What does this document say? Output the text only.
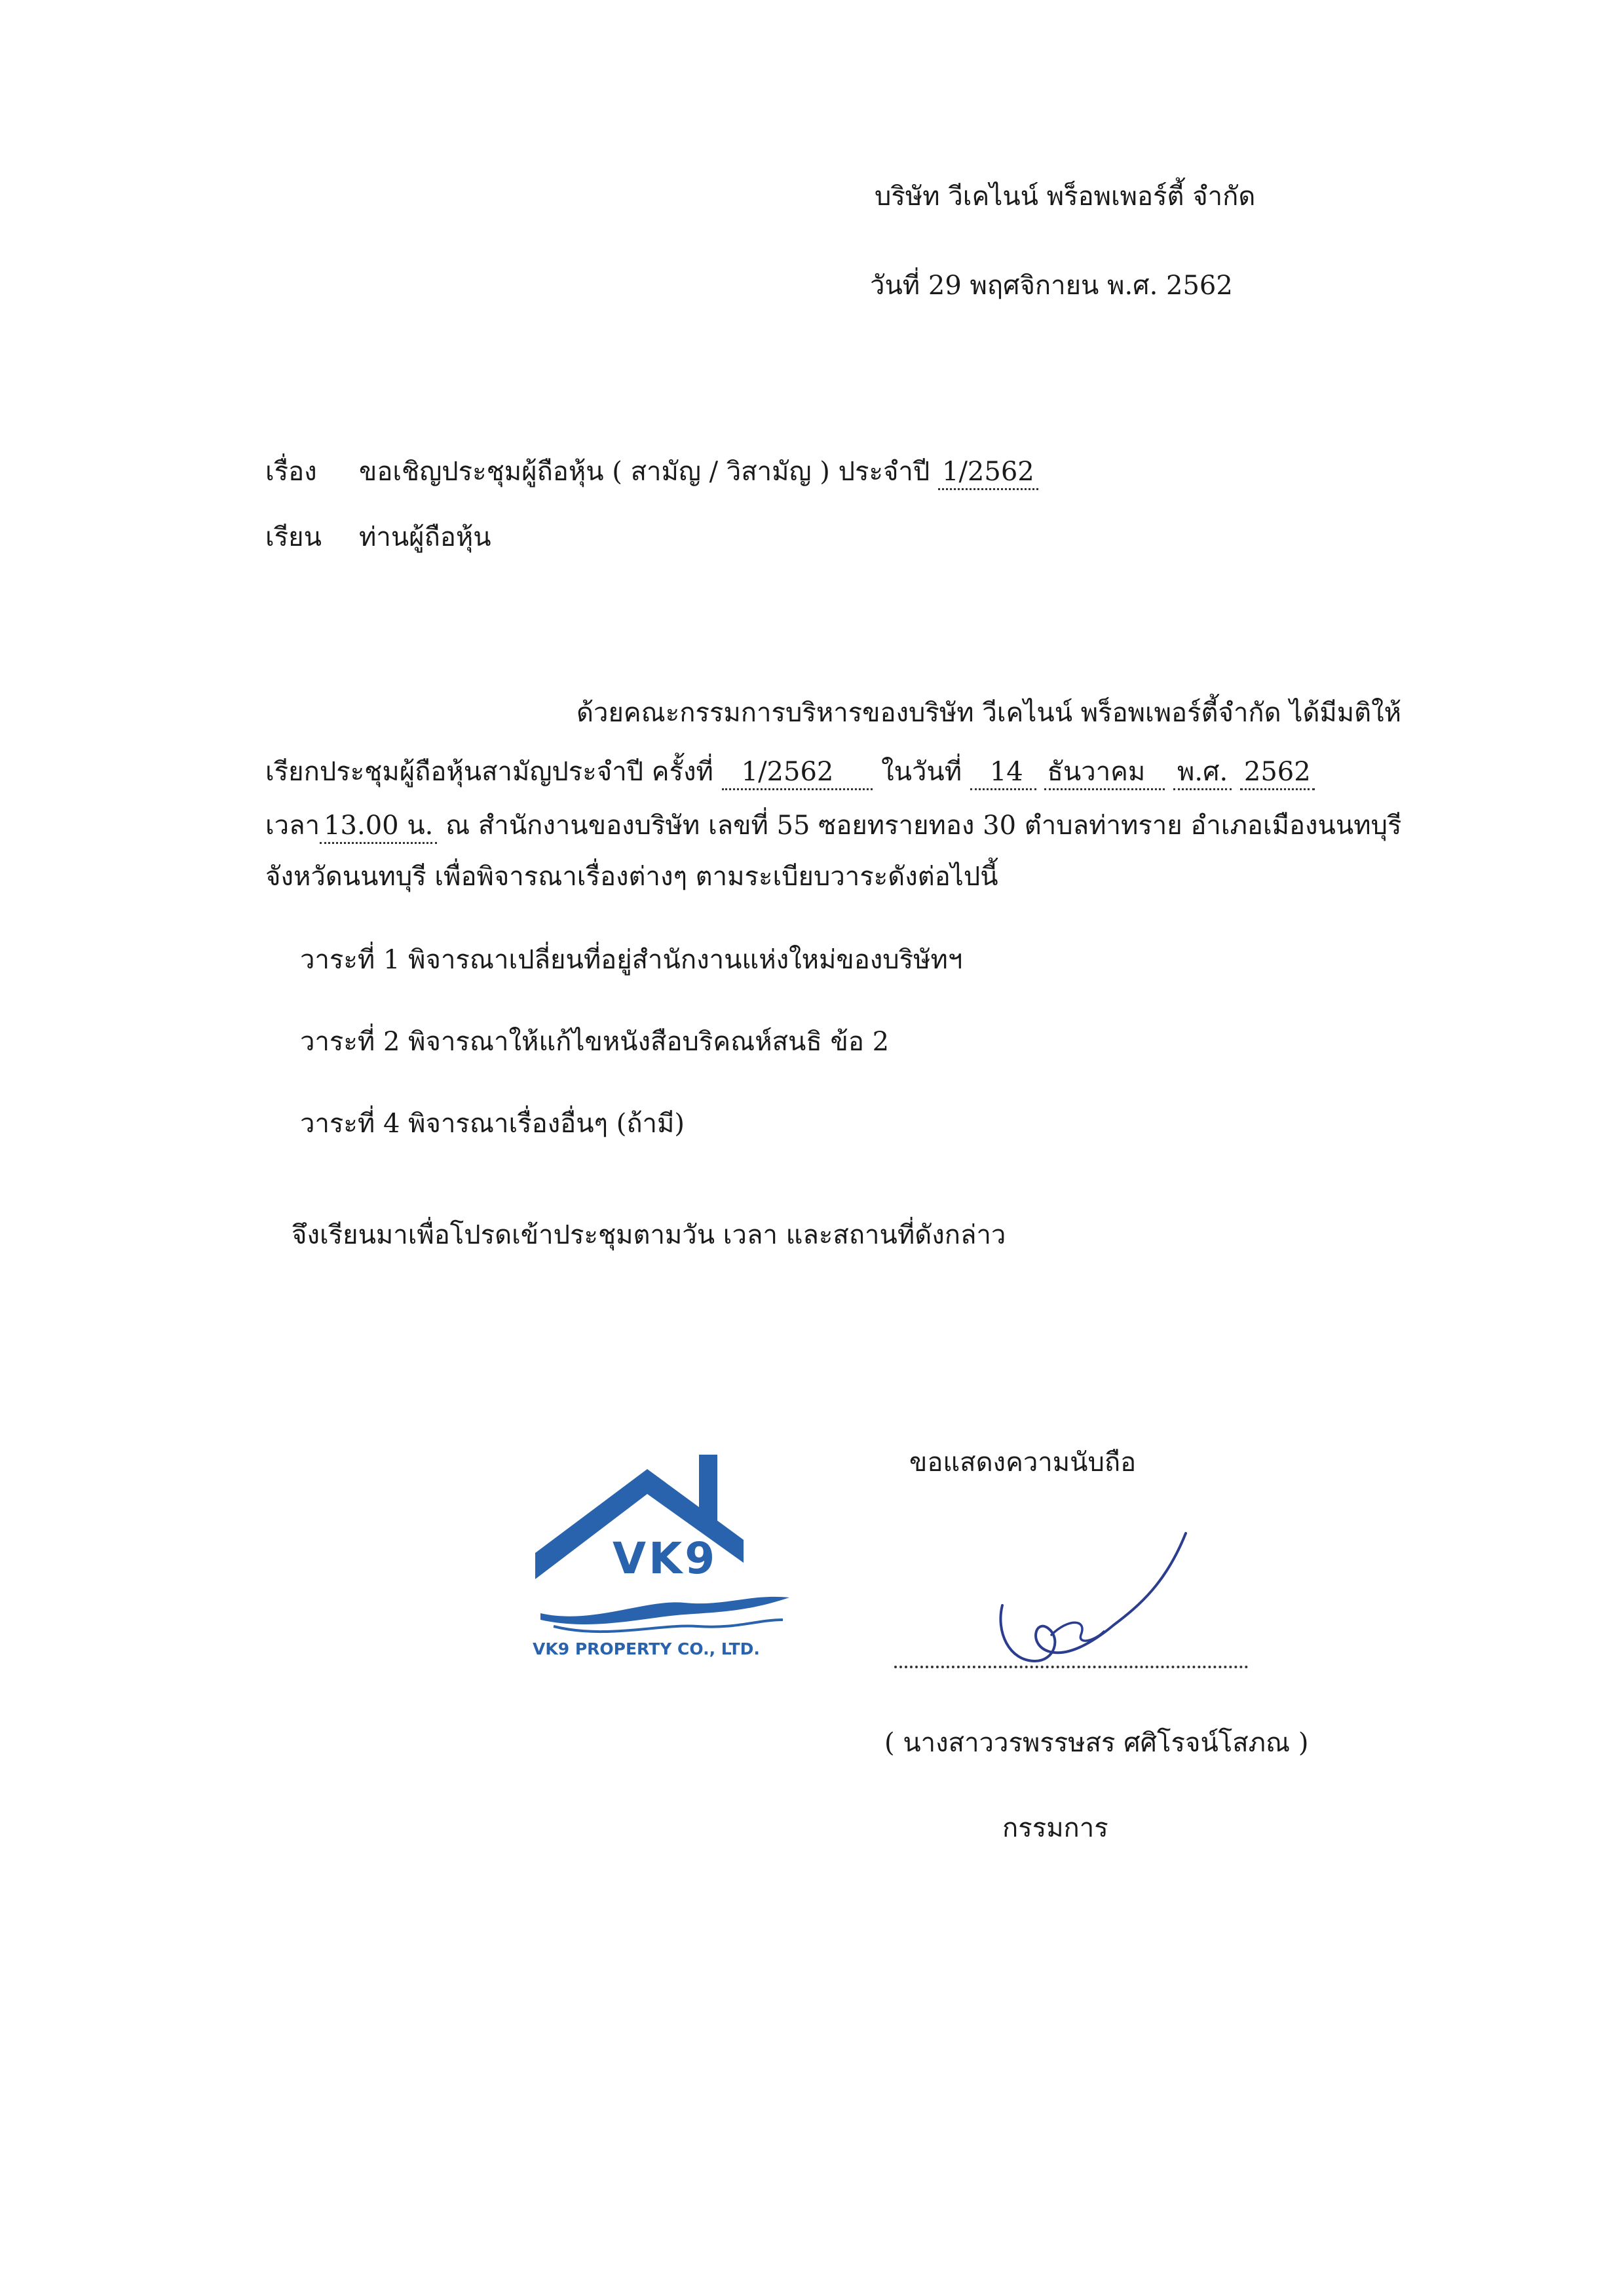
บริษัท วีเคไนน์ พร็อพเพอร์ตี้ จำกัด
วันที่ 29 พฤศจิกายน พ.ศ. 2562
เรื่อง ขอเชิญประชุมผู้ถือหุ้น ( สามัญ / วิสามัญ ) ประจำปี 1/2562
เรียน ท่านผู้ถือหุ้น
ด้วยคณะกรรมการบริหารของบริษัท วีเคไนน์ พร็อพเพอร์ตี้จำกัด ได้มีมติให้
เรียกประชุมผู้ถือหุ้นสามัญประจำปี ครั้งที่ 1/2562 ในวันที่ 14 ธันวาคม พ.ศ. 2562
เวลา 13.00 น. ณ สำนักงานของบริษัท เลขที่ 55 ซอยทรายทอง 30 ตำบลท่าทราย อำเภอเมืองนนทบุรี
จังหวัดนนทบุรี เพื่อพิจารณาเรื่องต่างๆ ตามระเบียบวาระดังต่อไปนี้
วาระที่ 1 พิจารณาเปลี่ยนที่อยู่สำนักงานแห่งใหม่ของบริษัทฯ
วาระที่ 2 พิจารณาให้แก้ไขหนังสือบริคณห์สนธิ ข้อ 2
วาระที่ 4 พิจารณาเรื่องอื่นๆ (ถ้ามี)
จึงเรียนมาเพื่อโปรดเข้าประชุมตามวัน เวลา และสถานที่ดังกล่าว
VK9
VK9 PROPERTY CO., LTD.
ขอแสดงความนับถือ
( นางสาววรพรรษสร ศศิโรจน์โสภณ )
กรรมการ
